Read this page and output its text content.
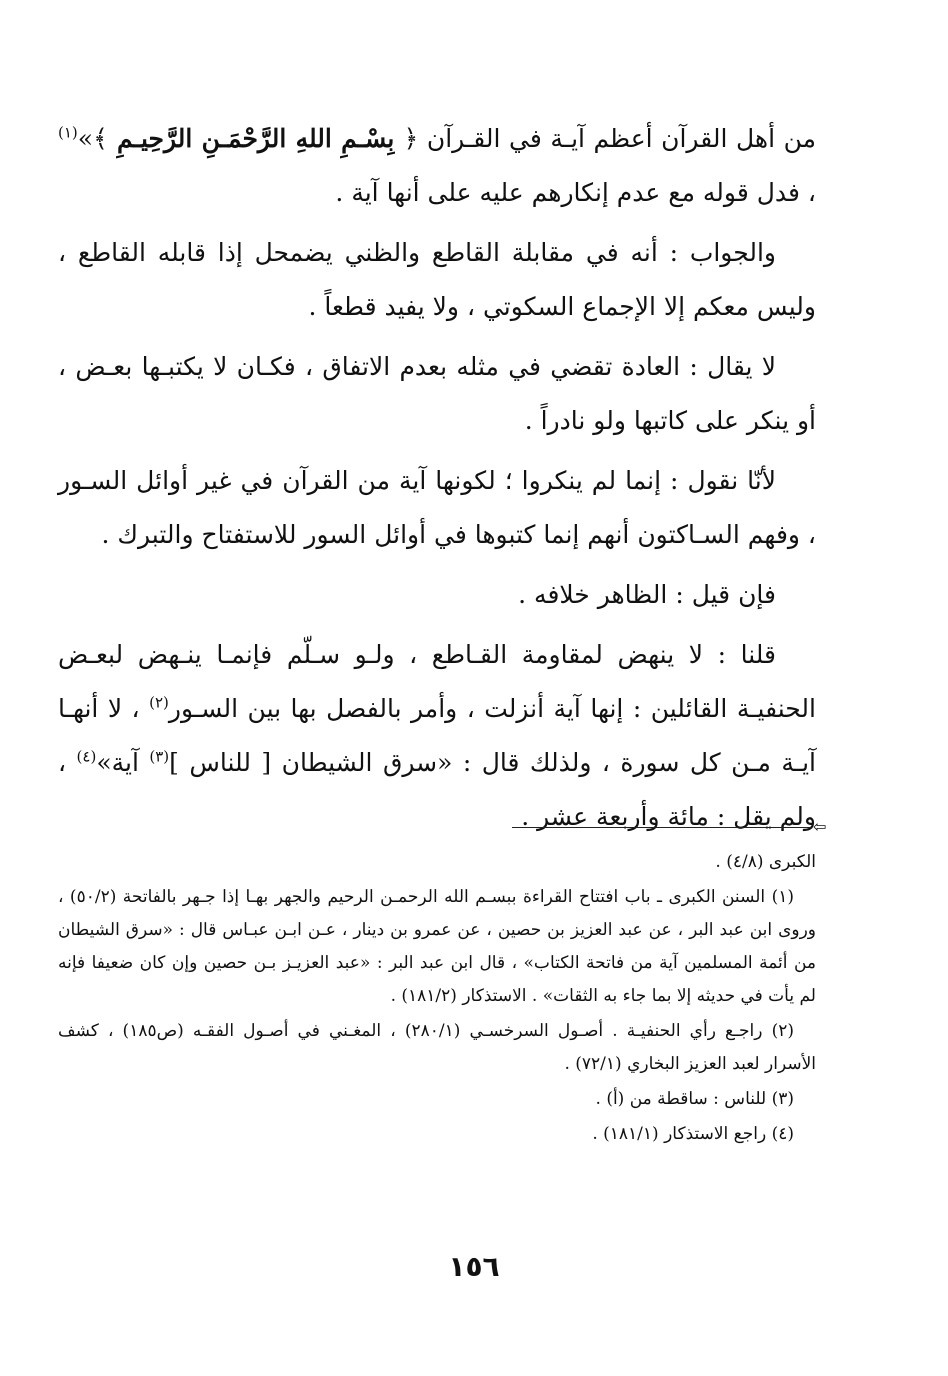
من أهل القرآن أعظم آيـة في القـرآن ﴿ بِسْـمِ اللهِ الرَّحْمَـنِ الرَّحِيـمِ ﴾»$^{(١)}$ ، فدل قوله مع عدم إنكارهم عليه على أنها آية .

والجواب : أنه في مقابلة القاطع والظني يضمحل إذا قابله القاطع ، وليس معكم إلا الإجماع السكوتي ، ولا يفيد قطعاً .

لا يقال : العادة تقضي في مثله بعدم الاتفاق ، فكـان لا يكتبـها بعـض ، أو ينكر على كاتبها ولو نادراً .

لأنّا نقول : إنما لم ينكروا ؛ لكونها آية من القرآن في غير أوائل السـور ، وفهم السـاكتون أنهم إنما كتبوها في أوائل السور للاستفتاح والتبرك .

فإن قيل : الظاهر خلافه .

قلنا : لا ينهض لمقاومة القـاطع ، ولـو سـلّم فإنمـا ينـهض لبعـض الحنفيـة القائلين : إنها آية أنزلت ، وأمر بالفصل بها بين السـور$^{(٢)}$ ، لا أنهـا آيـة مـن كل سورة ، ولذلك قال : «سرق الشيطان [ للناس ]$^{(٣)}$ آية»$^{(٤)}$ ، ولم يقل : مائة وأربعة عشر .

⇦

الكبرى (٤/٨) .

(١) السنن الكبرى ـ باب افتتاح القراءة ببسـم الله الرحمـن الرحيم والجهر بهـا إذا جـهر بالفاتحة (٥٠/٢) ، وروى ابن عبد البر ، عن عبد العزيز بن حصين ، عن عمرو بن دينار ، عـن ابـن عبـاس قال : «سرق الشيطان من أئمة المسلمين آية من فاتحة الكتاب» ، قال ابن عبد البر : «عبد العزيـز بـن حصين وإن كان ضعيفا فإنه لم يأت في حديثه إلا بما جاء به الثقات» . الاستذكار (١٨١/٢) .

(٢) راجـع رأي الحنفيـة . أصـول السرخسـي (٢٨٠/١) ، المغـني في أصـول الفقـه (ص١٨٥) ، كشف الأسرار لعبد العزيز البخاري (٧٢/١) .

(٣) للناس : ساقطة من (أ) .

(٤) راجع الاستذكار (١٨١/١) .

١٥٦
